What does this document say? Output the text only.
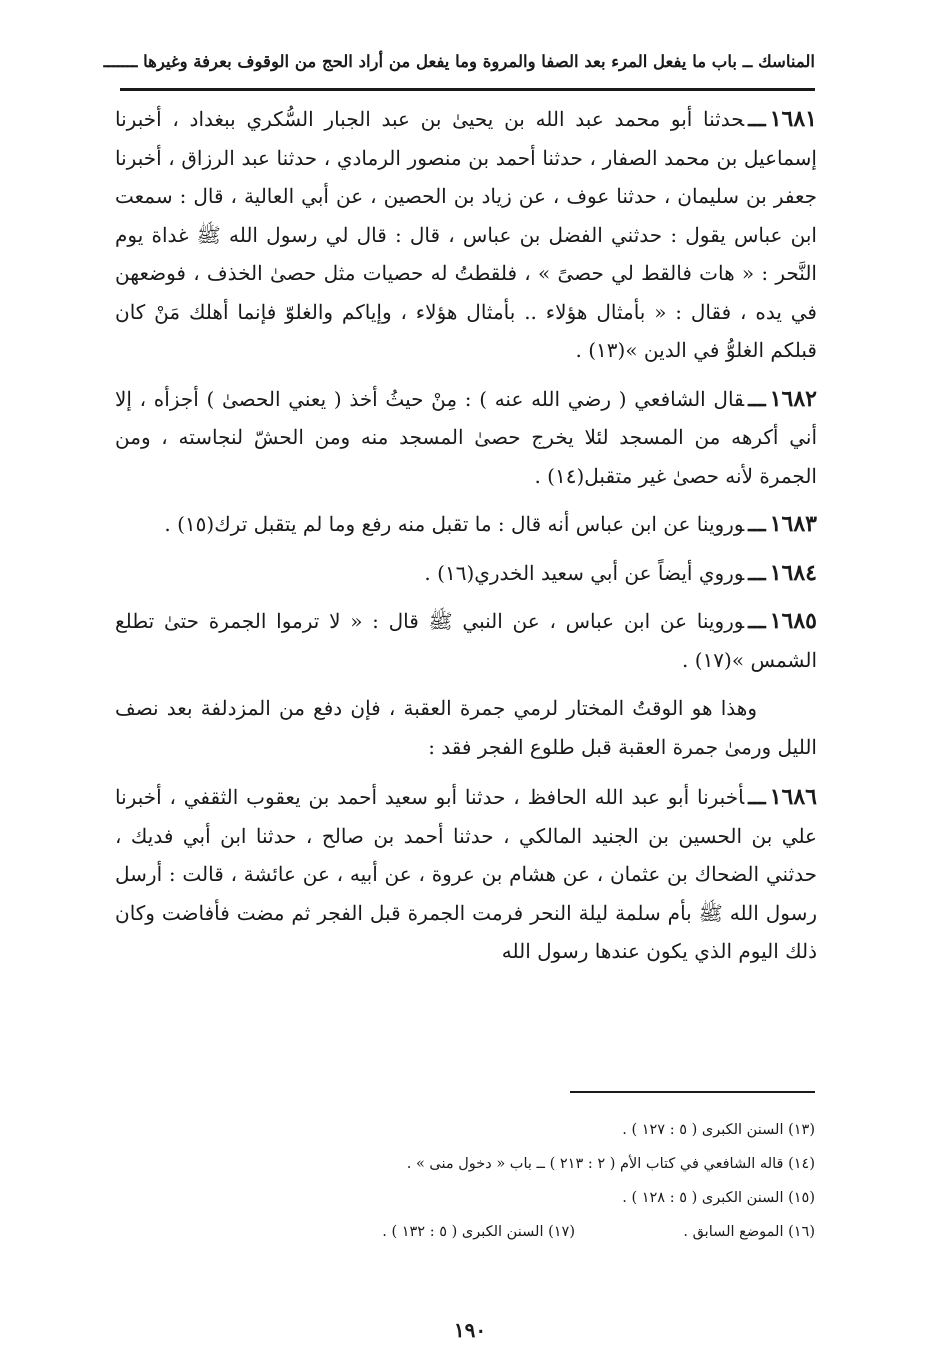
المناسك ــ باب ما يفعل المرء بعد الصفا والمروة وما يفعل من أراد الحج من الوقوف بعرفة وغيرها ـــــــ

١٦٨١ـــحدثنا أبو محمد عبد الله بن يحيىٰ بن عبد الجبار السُّكري ببغداد ، أخبرنا إسماعيل بن محمد الصفار ، حدثنا أحمد بن منصور الرمادي ، حدثنا عبد الرزاق ، أخبرنا جعفر بن سليمان ، حدثنا عوف ، عن زياد بن الحصين ، عن أبي العالية ، قال : سمعت ابن عباس يقول : حدثني الفضل بن عباس ، قال : قال لي رسول الله ﷺ غداة يوم النَّحر : « هات فالقط لي حصىً » ، فلقطتُ له حصيات مثل حصىٰ الخذف ، فوضعهن في يده ، فقال : « بأمثال هؤلاء .. بأمثال هؤلاء ، وإياكم والغلوّ فإنما أهلك مَنْ كان قبلكم الغلوُّ في الدين »(١٣) .

١٦٨٢ـــقال الشافعي ( رضي الله عنه ) : مِنْ حيثُ أخذ ( يعني الحصىٰ ) أجزأه ، إلا أني أكرهه من المسجد لئلا يخرج حصىٰ المسجد منه ومن الحشّ لنجاسته ، ومن الجمرة لأنه حصىٰ غير متقبل(١٤) .

١٦٨٣ـــوروينا عن ابن عباس أنه قال : ما تقبل منه رفع وما لم يتقبل ترك(١٥) .

١٦٨٤ـــوروي أيضاً عن أبي سعيد الخدري(١٦) .

١٦٨٥ـــوروينا عن ابن عباس ، عن النبي ﷺ قال : « لا ترموا الجمرة حتىٰ تطلع الشمس »(١٧) .

وهذا هو الوقتُ المختار لرمي جمرة العقبة ، فإن دفع من المزدلفة بعد نصف الليل ورمىٰ جمرة العقبة قبل طلوع الفجر فقد :

١٦٨٦ـــأخبرنا أبو عبد الله الحافظ ، حدثنا أبو سعيد أحمد بن يعقوب الثقفي ، أخبرنا علي بن الحسين بن الجنيد المالكي ، حدثنا أحمد بن صالح ، حدثنا ابن أبي فديك ، حدثني الضحاك بن عثمان ، عن هشام بن عروة ، عن أبيه ، عن عائشة ، قالت : أرسل رسول الله ﷺ بأم سلمة ليلة النحر فرمت الجمرة قبل الفجر ثم مضت فأفاضت وكان ذلك اليوم الذي يكون عندها رسول الله

(١٣) السنن الكبرى ( ٥ : ١٢٧ ) .
(١٤) قاله الشافعي في كتاب الأم ( ٢ : ٢١٣ ) ــ باب « دخول منى » .
(١٥) السنن الكبرى ( ٥ : ١٢٨ ) .
(١٦) الموضع السابق .
(١٧) السنن الكبرى ( ٥ : ١٣٢ ) .
١٩٠
